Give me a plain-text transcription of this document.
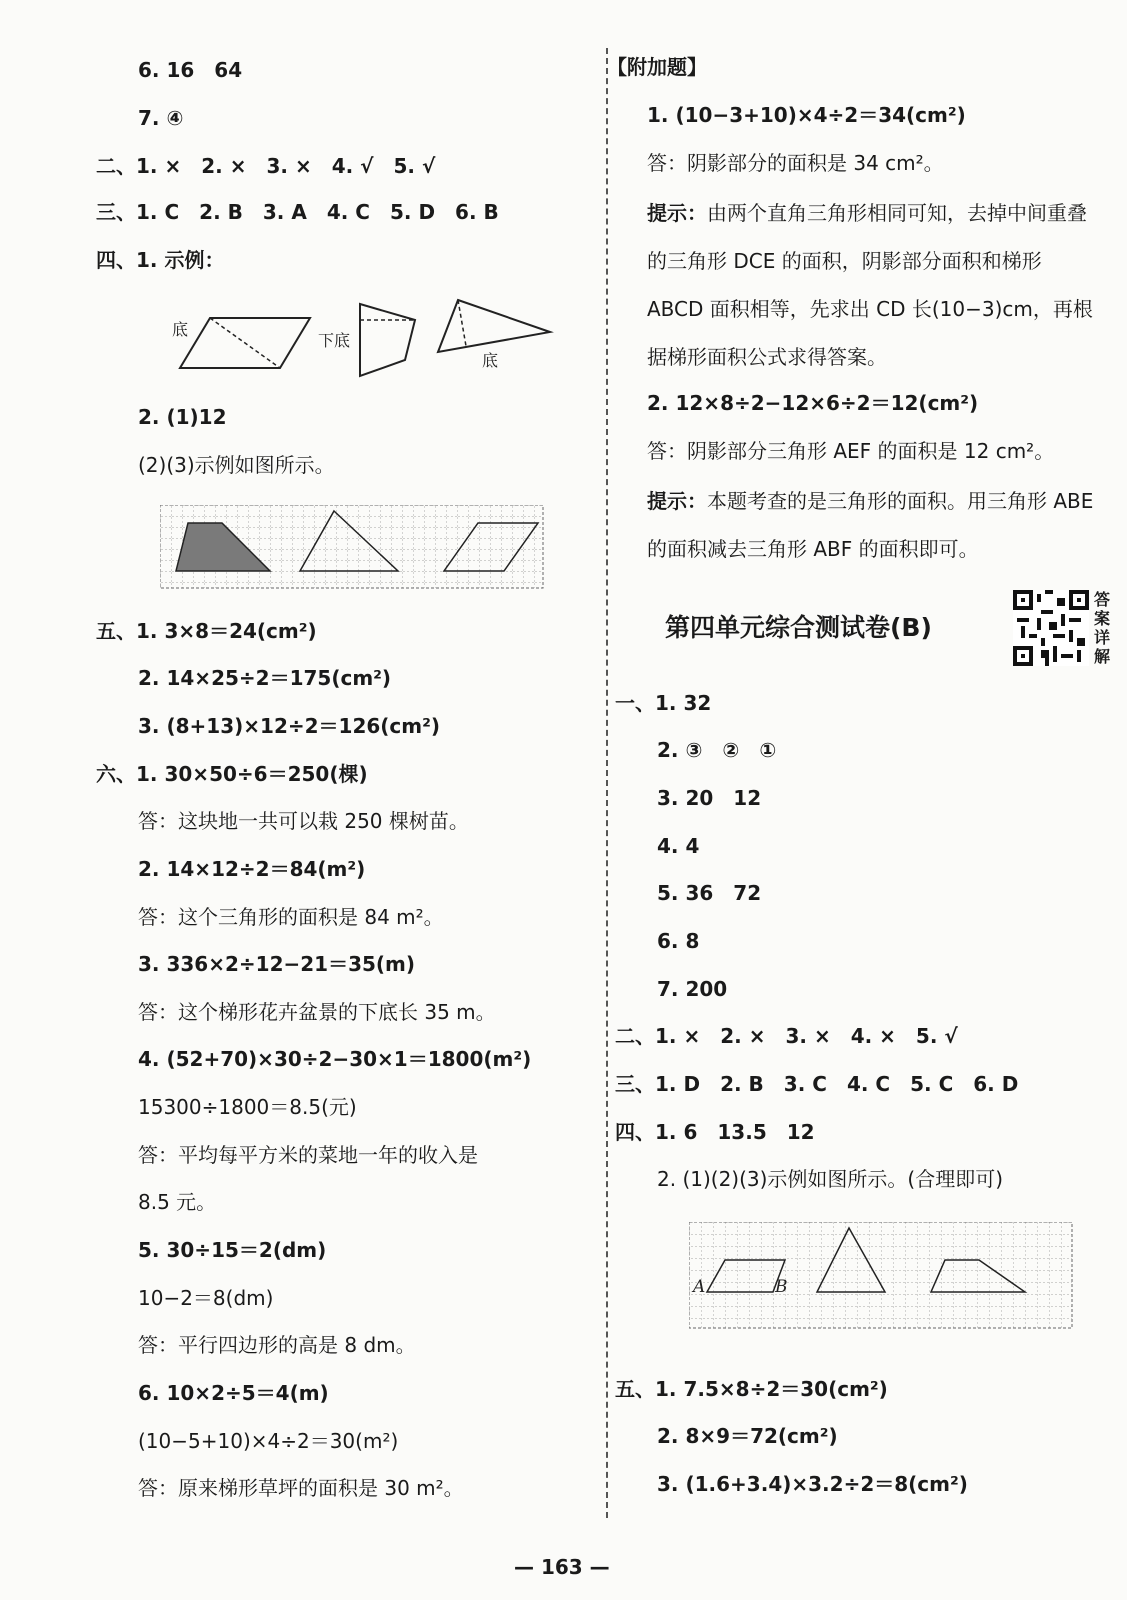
6. 16　64
7. ④
二、1. ×　2. ×　3. ×　4. √　5. √
三、1. C　2. B　3. A　4. C　5. D　6. B
四、1. 示例：
底
下底
底
2. (1)12
(2)(3)示例如图所示。
五、1. 3×8＝24(cm²)
2. 14×25÷2＝175(cm²)
3. (8+13)×12÷2＝126(cm²)
六、1. 30×50÷6＝250(棵)
答：这块地一共可以栽 250 棵树苗。
2. 14×12÷2＝84(m²)
答：这个三角形的面积是 84 m²。
3. 336×2÷12−21＝35(m)
答：这个梯形花卉盆景的下底长 35 m。
4. (52+70)×30÷2−30×1＝1800(m²)
15300÷1800＝8.5(元)
答：平均每平方米的菜地一年的收入是
8.5 元。
5. 30÷15＝2(dm)
10−2＝8(dm)
答：平行四边形的高是 8 dm。
6. 10×2÷5＝4(m)
(10−5+10)×4÷2＝30(m²)
答：原来梯形草坪的面积是 30 m²。
【附加题】
1. (10−3+10)×4÷2＝34(cm²)
答：阴影部分的面积是 34 cm²。
提示：由两个直角三角形相同可知，去掉中间重叠的三角形 DCE 的面积，阴影部分面积和梯形 ABCD 面积相等，先求出 CD 长(10−3)cm，再根据梯形面积公式求得答案。
2. 12×8÷2−12×6÷2＝12(cm²)
答：阴影部分三角形 AEF 的面积是 12 cm²。
提示：本题考查的是三角形的面积。用三角形 ABE 的面积减去三角形 ABF 的面积即可。
第四单元综合测试卷(B)
一、1. 32
2. ③　②　①
3. 20　12
4. 4
5. 36　72
6. 8
7. 200
二、1. ×　2. ×　3. ×　4. ×　5. √
三、1. D　2. B　3. C　4. C　5. C　6. D
四、1. 6　13.5　12
2. (1)(2)(3)示例如图所示。(合理即可)
A	B
五、1. 7.5×8÷2＝30(cm²)
2. 8×9＝72(cm²)
3. (1.6+3.4)×3.2÷2＝8(cm²)
答案详解
— 163 —
